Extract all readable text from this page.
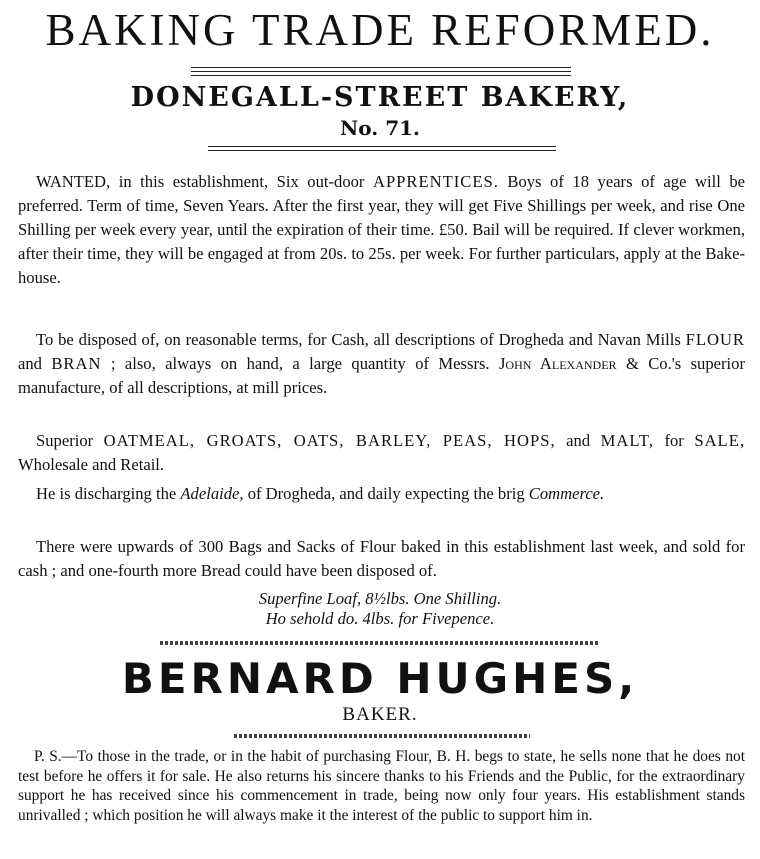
BAKING TRADE REFORMED.
DONEGALL-STREET BAKERY,
No. 71.

WANTED, in this establishment, Six out-door APPRENTICES. Boys of 18 years of age will be preferred. Term of time, Seven Years. After the first year, they will get Five Shillings per week, and rise One Shilling per week every year, until the expiration of their time. £50. Bail will be required. If clever workmen, after their time, they will be engaged at from 20s. to 25s. per week. For further particulars, apply at the Bake-house.

To be disposed of, on reasonable terms, for Cash, all descriptions of Drogheda and Navan Mills FLOUR and BRAN ; also, always on hand, a large quantity of Messrs. John Alexander & Co.'s superior manufacture, of all descriptions, at mill prices.

Superior OATMEAL, GROATS, OATS, BARLEY, PEAS, HOPS, and MALT, for SALE, Wholesale and Retail.

He is discharging the Adelaide, of Drogheda, and daily expecting the brig Commerce.

There were upwards of 300 Bags and Sacks of Flour baked in this establishment last week, and sold for cash ; and one-fourth more Bread could have been disposed of.

Superfine Loaf, 8½lbs. One Shilling.
Ho sehold do. 4lbs. for Fivepence.
BERNARD HUGHES,
BAKER.

P. S.—To those in the trade, or in the habit of purchasing Flour, B. H. begs to state, he sells none that he does not test before he offers it for sale. He also returns his sincere thanks to his Friends and the Public, for the extraordinary support he has received since his commencement in trade, being now only four years. His establishment stands unrivalled ; which position he will always make it the interest of the public to support him in.
